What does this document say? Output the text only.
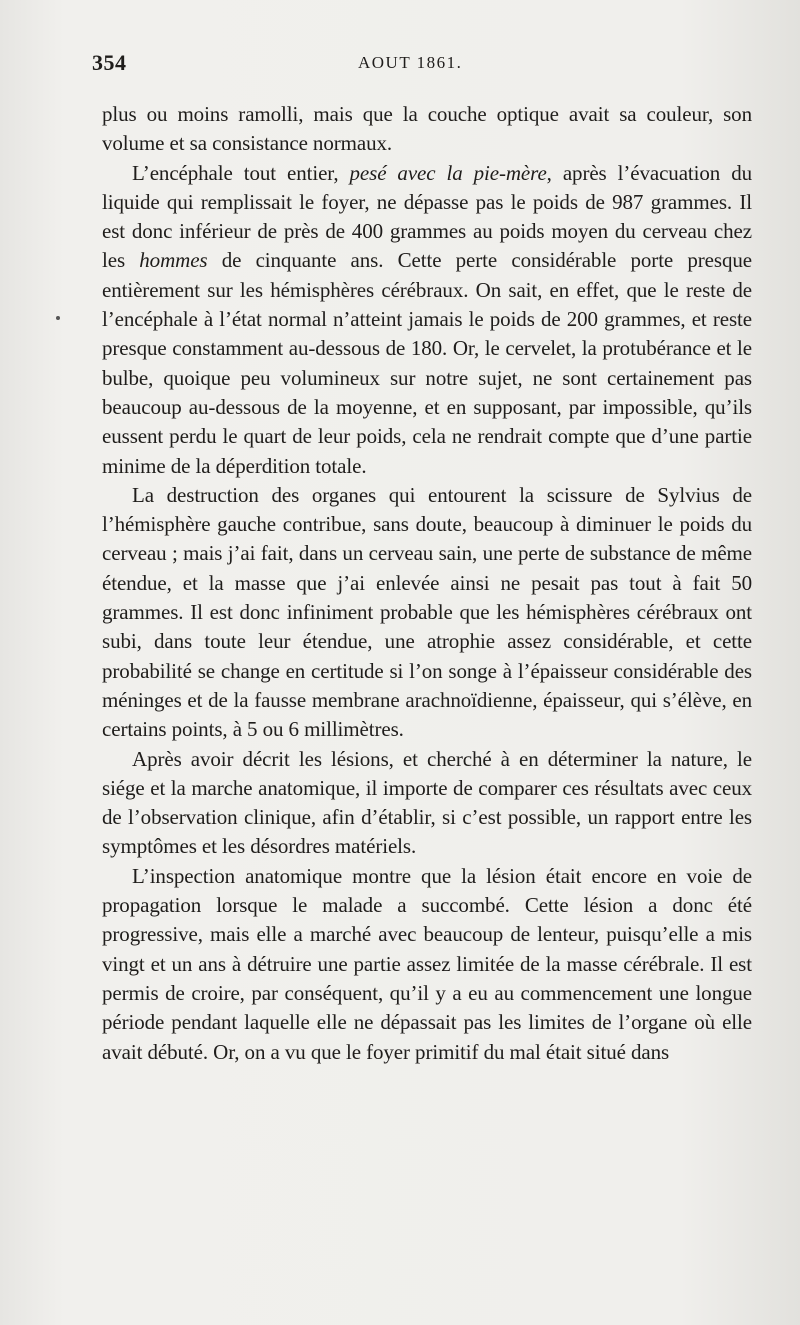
354	AOUT 1861.

plus ou moins ramolli, mais que la couche optique avait sa couleur, son volume et sa consistance normaux.

L’encéphale tout entier, pesé avec la pie-mère, après l’évacuation du liquide qui remplissait le foyer, ne dépasse pas le poids de 987 grammes. Il est donc inférieur de près de 400 grammes au poids moyen du cerveau chez les hommes de cinquante ans. Cette perte considérable porte presque entièrement sur les hémisphères cérébraux. On sait, en effet, que le reste de l’encéphale à l’état normal n’atteint jamais le poids de 200 grammes, et reste presque constamment au-dessous de 180. Or, le cervelet, la protubérance et le bulbe, quoique peu volumineux sur notre sujet, ne sont certainement pas beaucoup au-dessous de la moyenne, et en supposant, par impossible, qu’ils eussent perdu le quart de leur poids, cela ne rendrait compte que d’une partie minime de la déperdition totale.

La destruction des organes qui entourent la scissure de Sylvius de l’hémisphère gauche contribue, sans doute, beaucoup à diminuer le poids du cerveau ; mais j’ai fait, dans un cerveau sain, une perte de substance de même étendue, et la masse que j’ai enlevée ainsi ne pesait pas tout à fait 50 grammes. Il est donc infiniment probable que les hémisphères cérébraux ont subi, dans toute leur étendue, une atrophie assez considérable, et cette probabilité se change en certitude si l’on songe à l’épaisseur considérable des méninges et de la fausse membrane arachnoïdienne, épaisseur, qui s’élève, en certains points, à 5 ou 6 millimètres.

Après avoir décrit les lésions, et cherché à en déterminer la nature, le siége et la marche anatomique, il importe de comparer ces résultats avec ceux de l’observation clinique, afin d’établir, si c’est possible, un rapport entre les symptômes et les désordres matériels.

L’inspection anatomique montre que la lésion était encore en voie de propagation lorsque le malade a succombé. Cette lésion a donc été progressive, mais elle a marché avec beaucoup de lenteur, puisqu’elle a mis vingt et un ans à détruire une partie assez limitée de la masse cérébrale. Il est permis de croire, par conséquent, qu’il y a eu au commencement une longue période pendant laquelle elle ne dépassait pas les limites de l’organe où elle avait débuté. Or, on a vu que le foyer primitif du mal était situé dans
